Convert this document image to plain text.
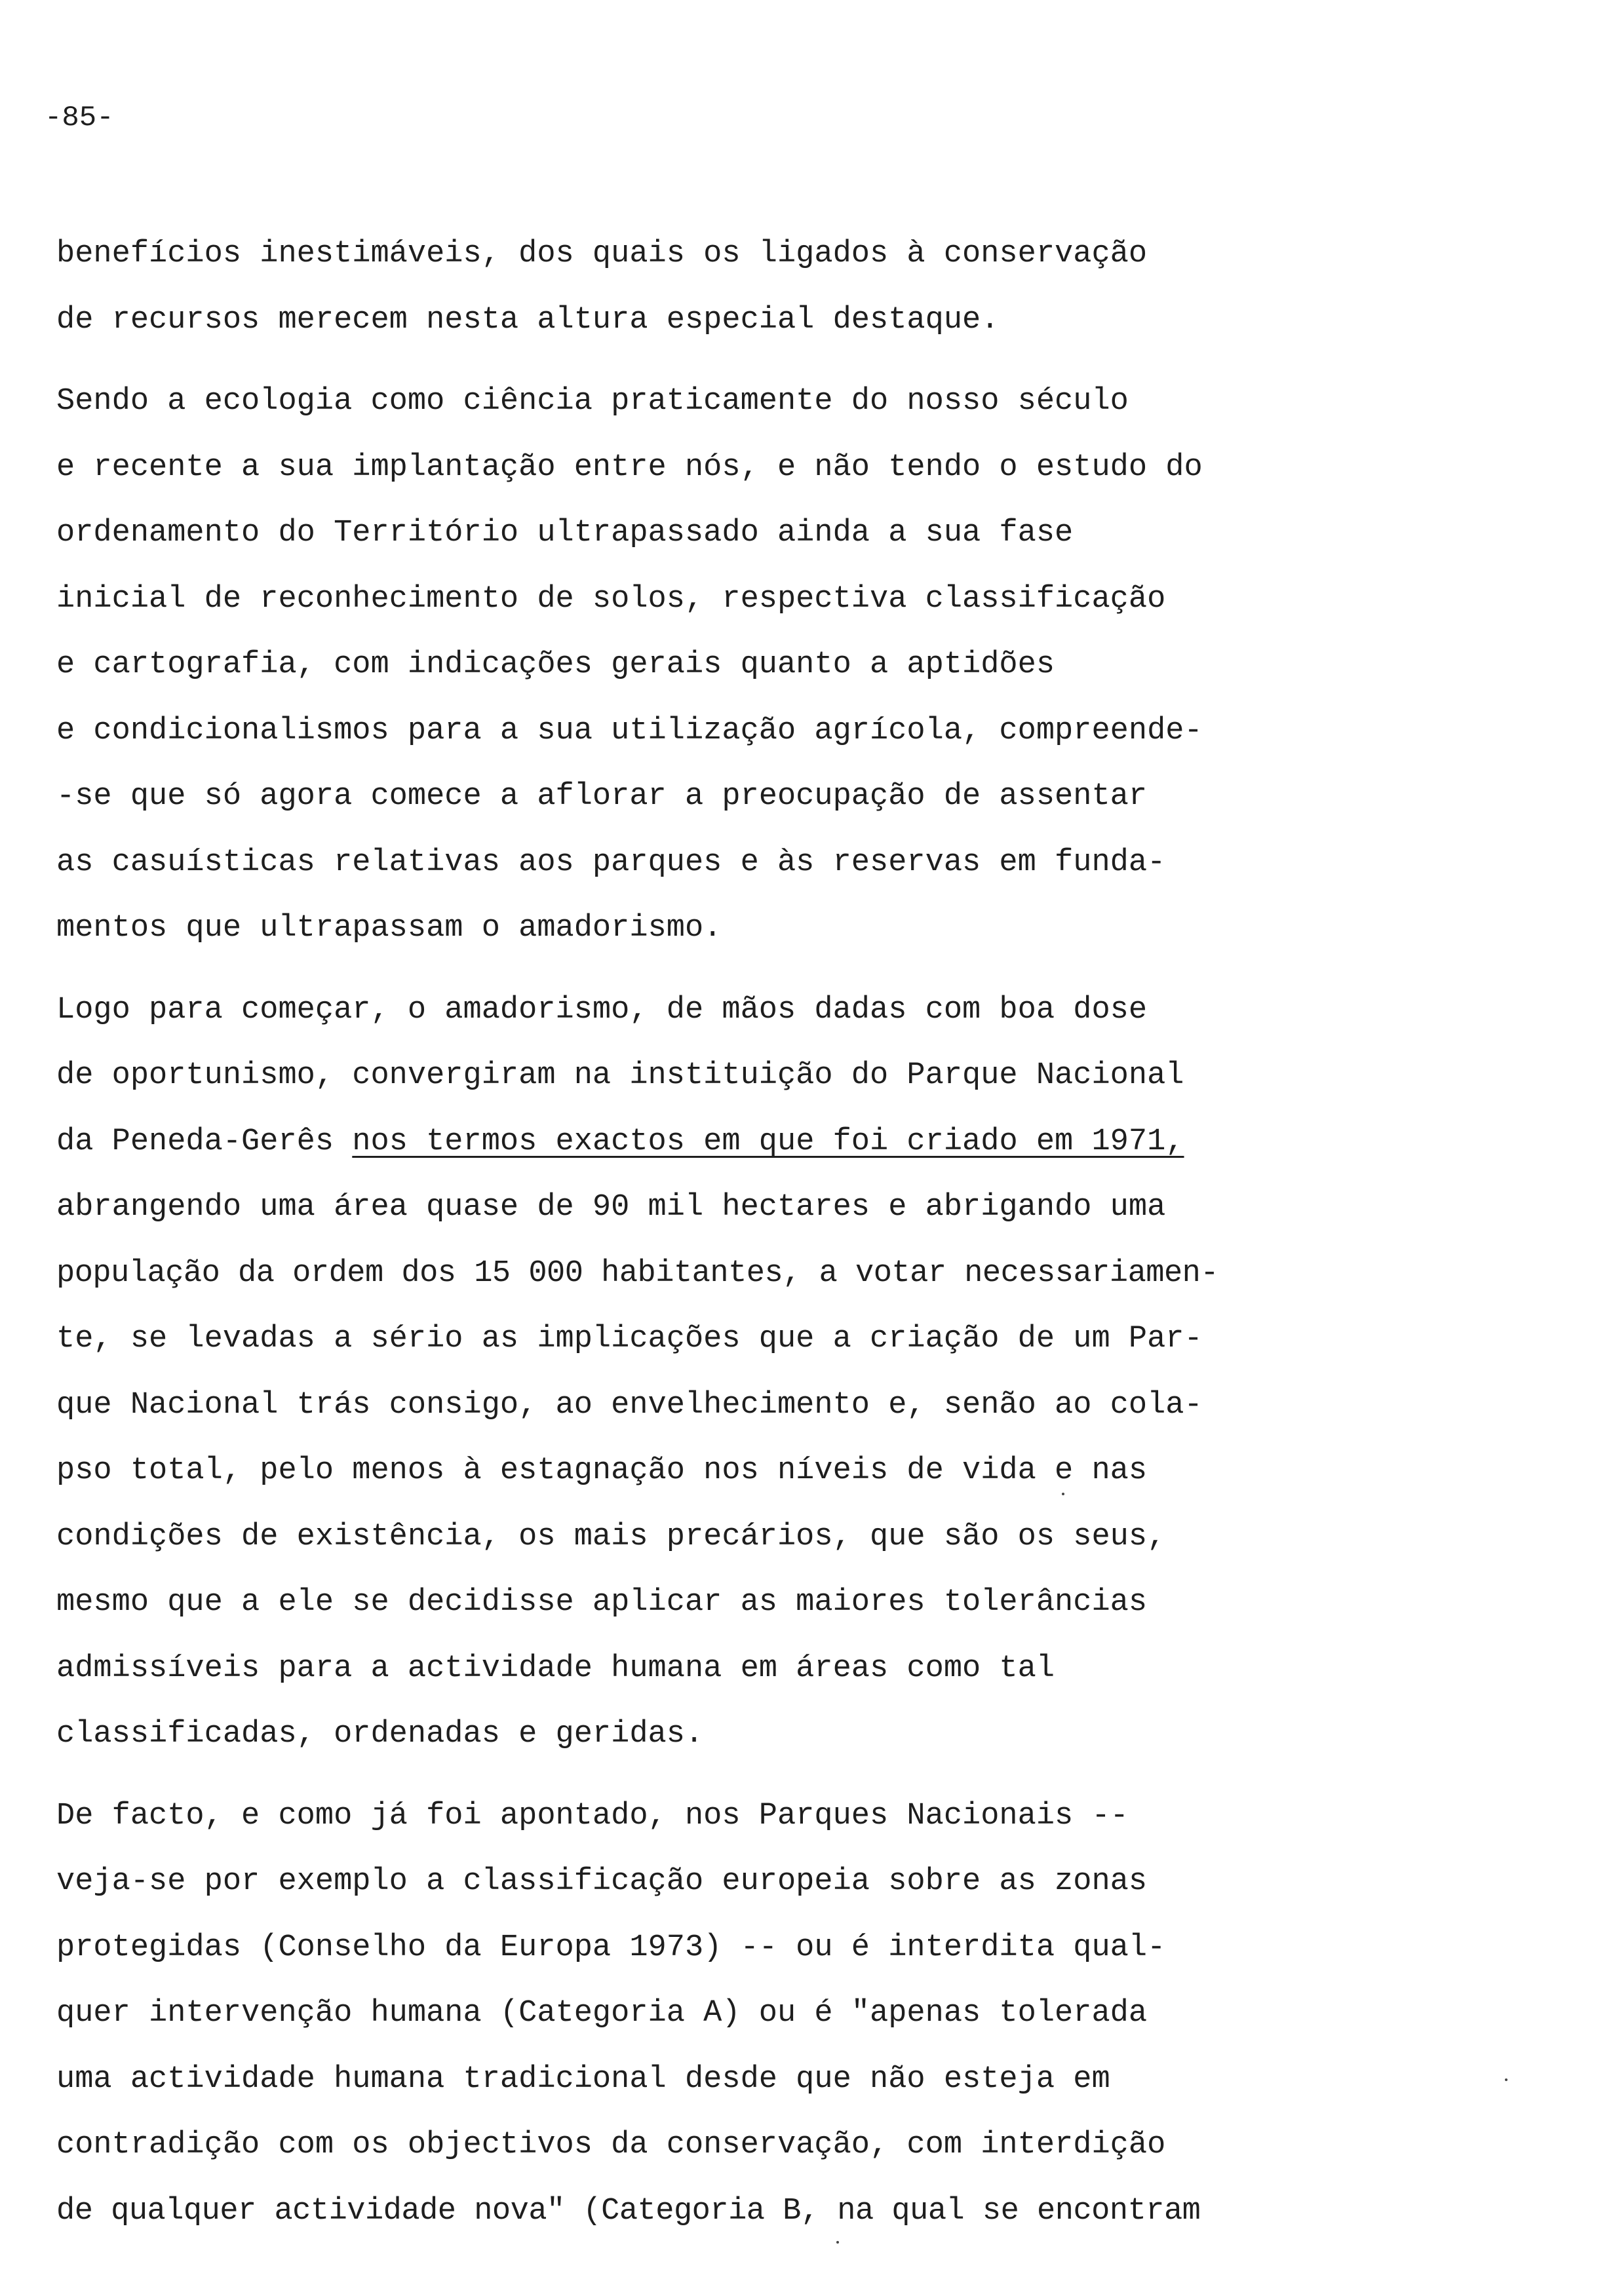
-85-
benefícios inestimáveis, dos quais os ligados à conservação
de recursos merecem nesta altura especial destaque.
Sendo a ecologia como ciência praticamente do nosso século
e recente a sua implantação entre nós, e não tendo o estudo do
ordenamento do Território ultrapassado ainda a sua fase
inicial de reconhecimento de solos, respectiva classificação
e cartografia, com indicações gerais quanto a aptidões
e condicionalismos para a sua utilização agrícola, compreende-
-se que só agora comece a aflorar a preocupação de assentar
as casuísticas relativas aos parques e às reservas em funda-
mentos que ultrapassam o amadorismo.
Logo para começar, o amadorismo, de mãos dadas com boa dose
de oportunismo, convergiram na instituição do Parque Nacional
da Peneda-Gerês nos termos exactos em que foi criado em 1971,
abrangendo uma área quase de 90 mil hectares e abrigando uma
população da ordem dos 15 000 habitantes, a votar necessariamen-
te, se levadas a sério as implicações que a criação de um Par-
que Nacional trás consigo, ao envelhecimento e, senão ao cola-
pso total, pelo menos à estagnação nos níveis de vida e nas
condições de existência, os mais precários, que são os seus,
mesmo que a ele se decidisse aplicar as maiores tolerâncias
admissíveis para a actividade humana em áreas como tal
classificadas, ordenadas e geridas.
De facto, e como já foi apontado, nos Parques Nacionais --
veja-se por exemplo a classificação europeia sobre as zonas
protegidas (Conselho da Europa 1973) -- ou é interdita qual-
quer intervenção humana (Categoria A) ou é "apenas tolerada
uma actividade humana tradicional desde que não esteja em
contradição com os objectivos da conservação, com interdição
de qualquer actividade nova" (Categoria B, na qual se encontram
